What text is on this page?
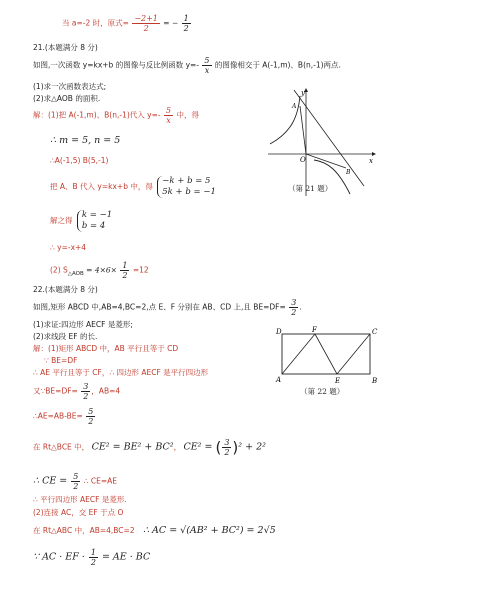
当 a=-2 时，原式= $\frac{-2+1}{2}$ = − $\frac{1}{2}$
21.(本题满分 8 分)
如图,一次函数 y=kx+b 的图像与反比例函数 $y=- \frac{5}{x}$ 的图像相交于 A(-1,m)、B(n,-1)两点.
(1)求一次函数表达式;
(2)求△AOB 的面积.
解：(1)把 A(-1,m)、B(n,-1)代入 $y=- \frac{5}{x}$ 中，得
∴ m = 5, n = 5
∴A(-1,5) B(5,-1)
把 A、B 代入 y=kx+b 中，得
−k + b = 5
5k + b = −1
解之得
k = −1
b = 4
∴ y=-x+4
(2) $S_{\triangle AOB} = 4\times 6\times \frac{1}{2} =12$
22.(本题满分 8 分)
如图,矩形 ABCD 中,AB=4,BC=2,点 E、F 分别在 AB、CD 上,且 $BE=DF= \frac{3}{2}$ .
(1)求证:四边形 AECF 是菱形;
(2)求线段 EF 的长.
解：(1)矩形 ABCD 中，AB 平行且等于 CD
∵ BE=DF
∴ AE 平行且等于 CF，∴ 四边形 AECF 是平行四边形
又∵BE=DF= $\frac{3}{2}$ ，AB=4
∴AE=AB-BE= $\frac{5}{2}$
在 Rt△BCE 中， CE² = BE² + BC²， CE² = ( $\frac{3}{2} )^2 + 2^2$
∴ CE = $\frac{5}{2}$ ∴ CE=AE
∴ 平行四边形 AECF 是菱形.
(2)连接 AC，交 EF 于点 O
在 Rt△ABC 中，AB=4,BC=2 ∴ AC = √(AB² + BC²) = 2√5
∵ AC · EF · $\frac{1}{2}$ = AE · BC
y
x
O
A
B
（第 21 题）
D	F	C
A	E	B
（第 22 题）
